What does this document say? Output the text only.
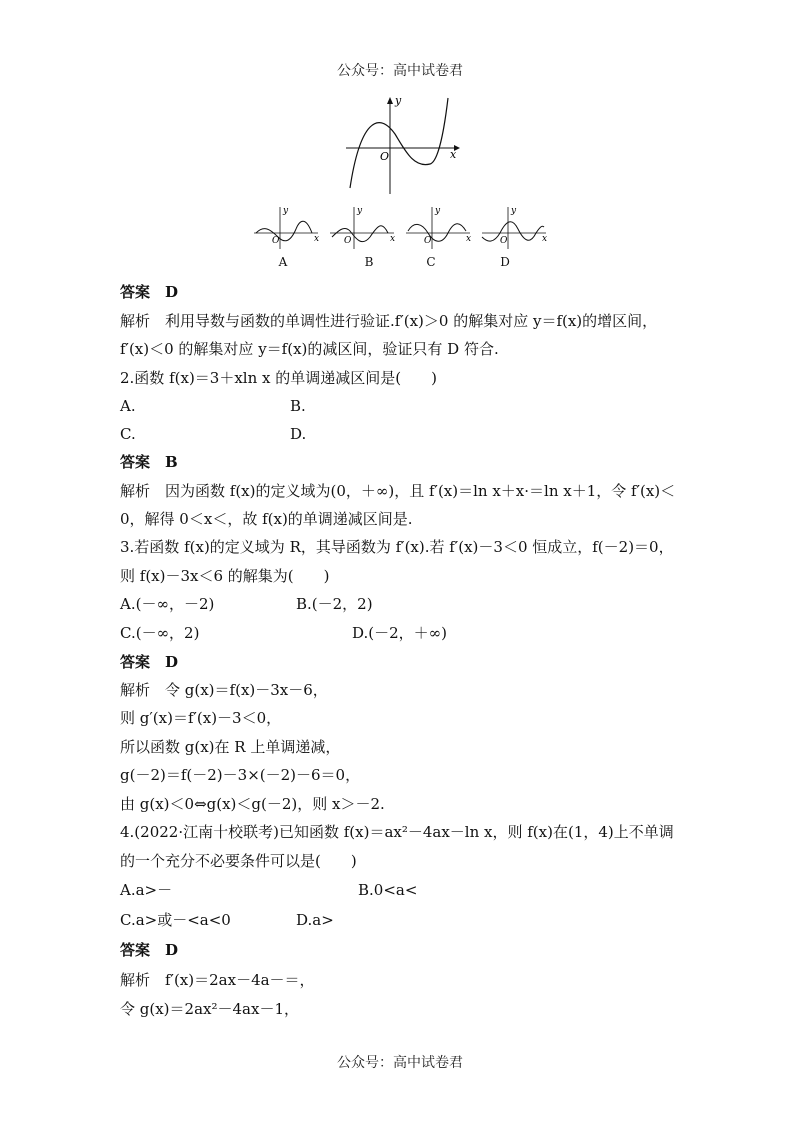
公众号：高中试卷君
y
x
O
y
O	x
y
O	x
y
O	x
y
O	x
A	B	C	D
答案　D
解析　利用导数与函数的单调性进行验证.f′(x)＞0 的解集对应 y＝f(x)的增区间，
f′(x)＜0 的解集对应 y＝f(x)的减区间，验证只有 D 符合.
2.函数 f(x)＝3＋xln x 的单调递减区间是(　　)
A.	B.
C.	D.
答案　B
解析　因为函数 f(x)的定义域为(0，＋∞)，且 f′(x)＝ln x＋x·＝ln x＋1，令 f′(x)＜
0，解得 0＜x＜，故 f(x)的单调递减区间是.
3.若函数 f(x)的定义域为 R，其导函数为 f′(x).若 f′(x)－3＜0 恒成立，f(－2)＝0，
则 f(x)－3x＜6 的解集为(　　)
A.(－∞，－2)	B.(－2，2)
C.(－∞，2)	D.(－2，＋∞)
答案　D
解析　令 g(x)＝f(x)－3x－6，
则 g′(x)＝f′(x)－3＜0，
所以函数 g(x)在 R 上单调递减，
g(－2)＝f(－2)－3×(－2)－6＝0，
由 g(x)＜0⇔g(x)＜g(－2)，则 x＞－2.
4.(2022·江南十校联考)已知函数 f(x)＝ax²－4ax－ln x，则 f(x)在(1，4)上不单调
的一个充分不必要条件可以是(　　)
A.a>－	B.0<a<
C.a>或－<a<0	D.a>
答案　D
解析　f′(x)＝2ax－4a－＝，
令 g(x)＝2ax²－4ax－1，
公众号：高中试卷君
